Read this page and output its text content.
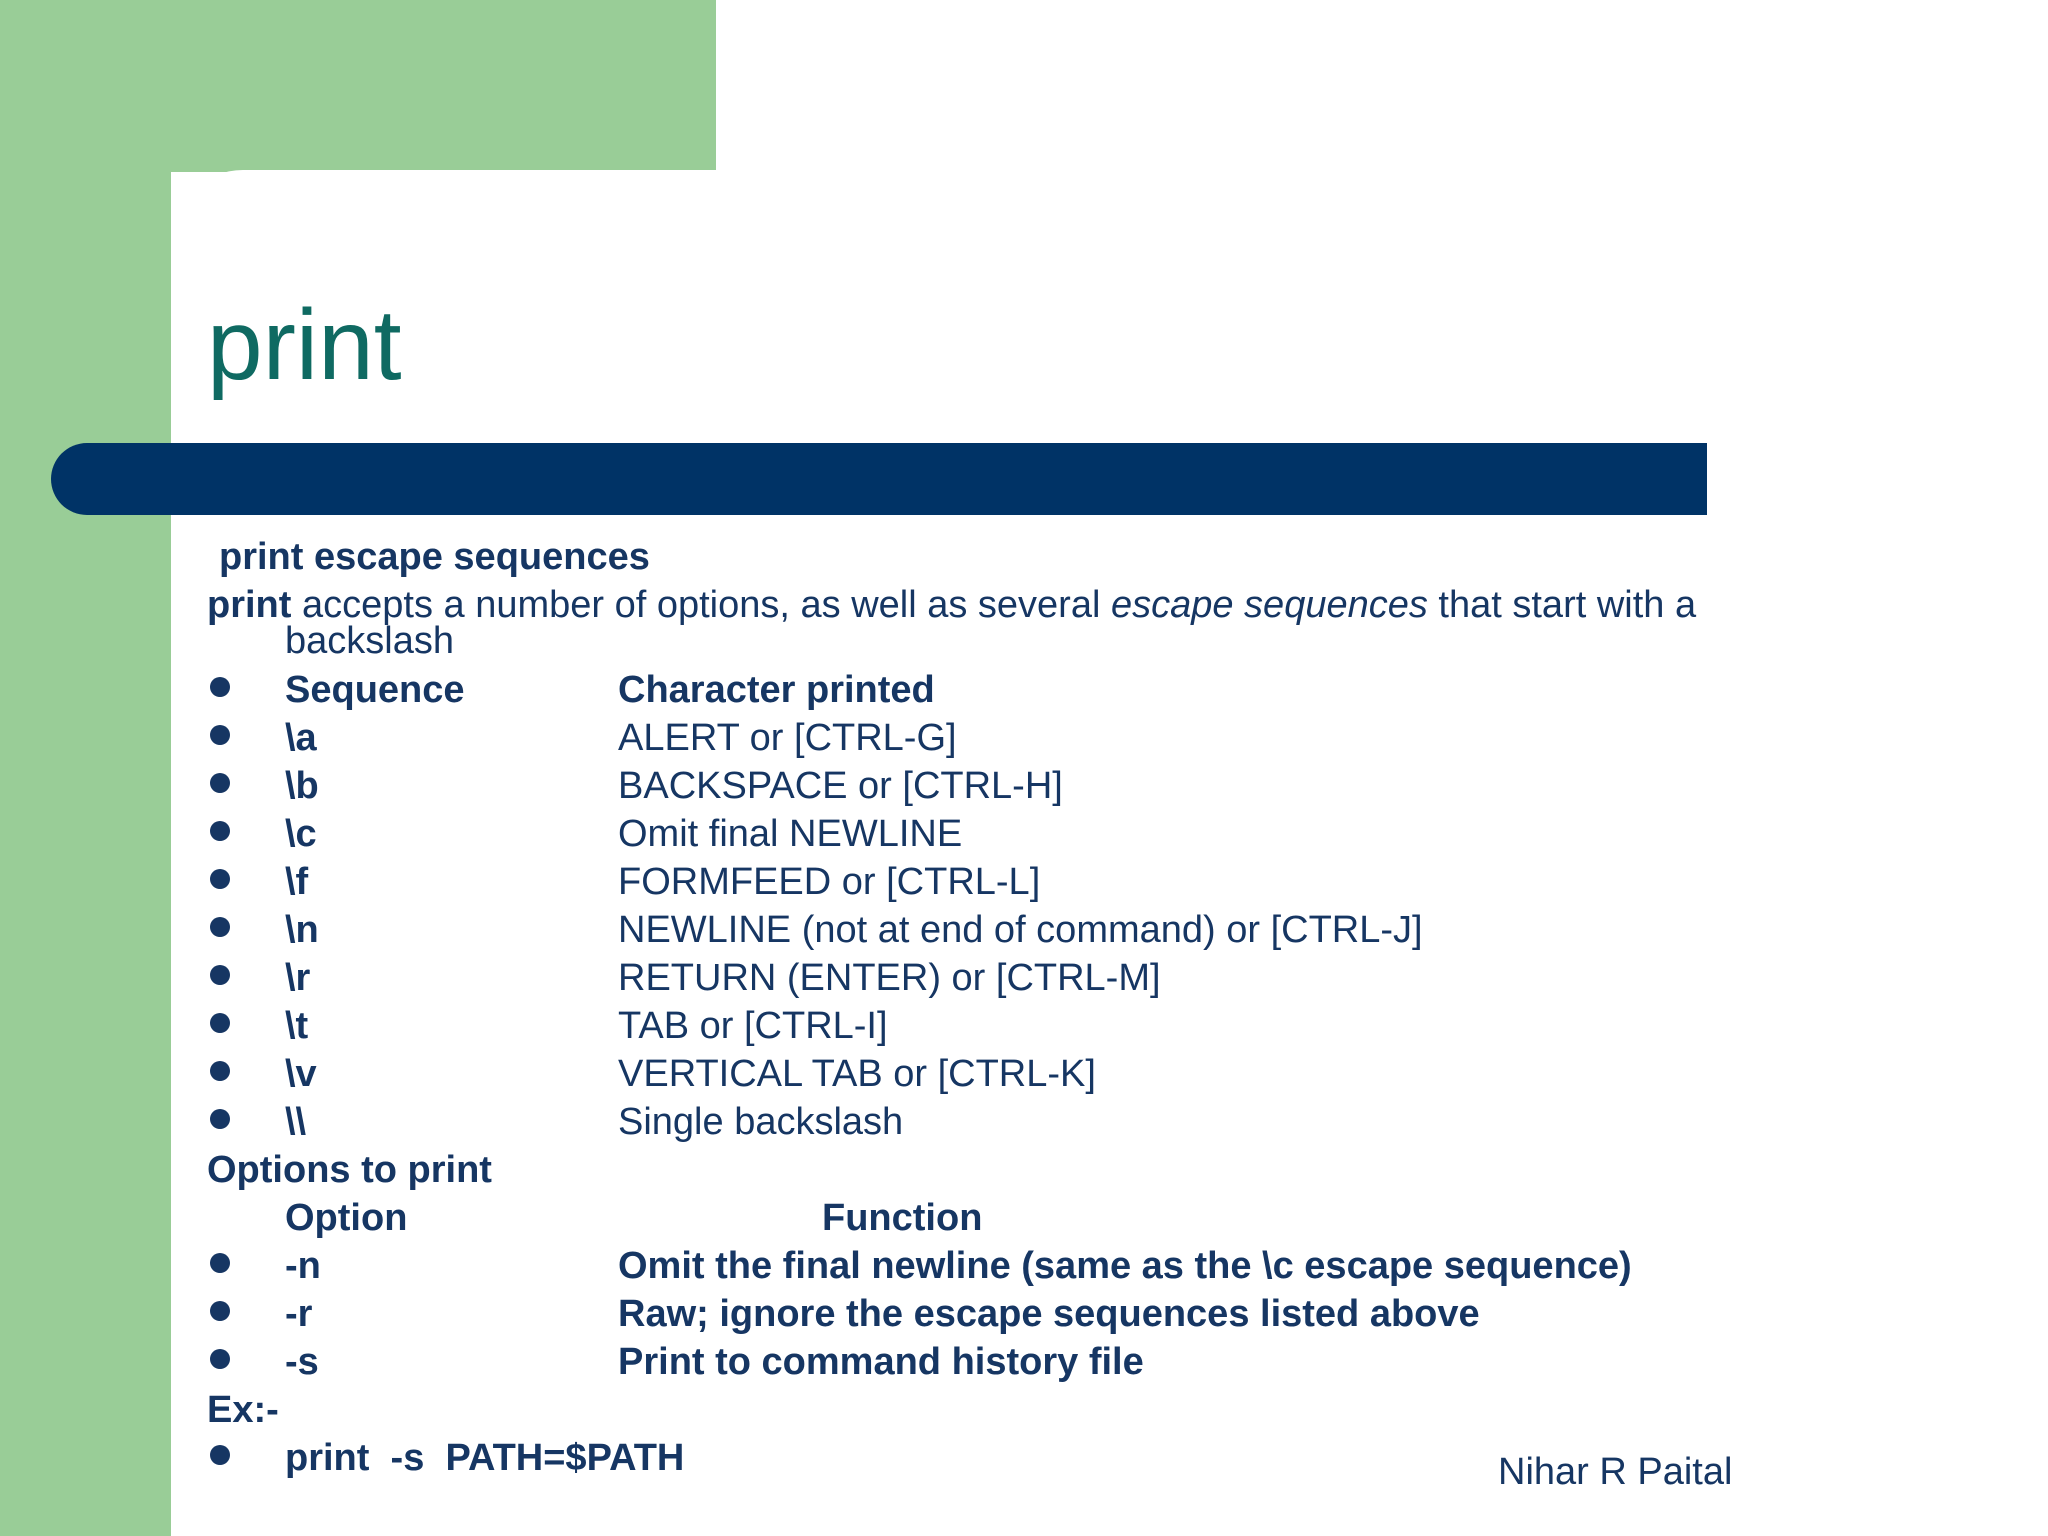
print
print escape sequences
print accepts a number of options, as well as several escape sequences that start with a
backslash
Sequence	Character printed
\a	ALERT or [CTRL-G]
\b	BACKSPACE or [CTRL-H]
\c	Omit final NEWLINE
\f	FORMFEED or [CTRL-L]
\n	NEWLINE (not at end of command) or [CTRL-J]
\r	RETURN (ENTER) or [CTRL-M]
\t	TAB or [CTRL-I]
\v	VERTICAL TAB or [CTRL-K]
\\	Single backslash
Options to print
Option	Function
-n	Omit the final newline (same as the \c escape sequence)
-r	Raw; ignore the escape sequences listed above
-s	Print to command history file
Ex:-
print  -s  PATH=$PATH	Nihar R Paital
